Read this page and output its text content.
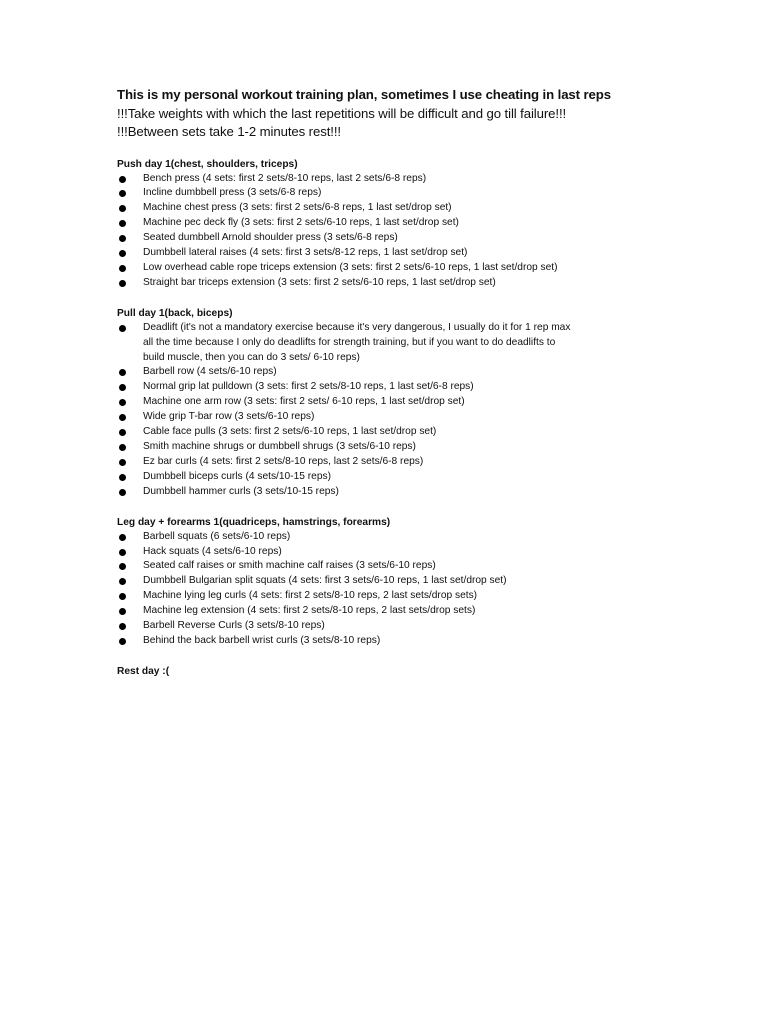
This is my personal workout training plan, sometimes I use cheating in last reps
!!!Take weights with which the last repetitions will be difficult and go till failure!!!
!!!Between sets take 1-2 minutes rest!!!
Push day 1(chest, shoulders, triceps)
Bench press (4 sets: first 2 sets/8-10 reps, last 2 sets/6-8 reps)
Incline dumbbell press (3 sets/6-8 reps)
Machine chest press (3 sets: first 2 sets/6-8 reps, 1 last set/drop set)
Machine pec deck fly (3 sets: first 2 sets/6-10 reps, 1 last set/drop set)
Seated dumbbell Arnold shoulder press (3 sets/6-8 reps)
Dumbbell lateral raises (4 sets: first 3 sets/8-12 reps, 1 last set/drop set)
Low overhead cable rope triceps extension (3 sets: first 2 sets/6-10 reps, 1 last set/drop set)
Straight bar triceps extension (3 sets: first 2 sets/6-10 reps, 1 last set/drop set)
Pull day 1(back, biceps)
Deadlift (it's not a mandatory exercise because it's very dangerous, I usually do it for 1 rep max
all the time because I only do deadlifts for strength training, but if you want to do deadlifts to
build muscle, then you can do 3 sets/ 6-10 reps)
Barbell row (4 sets/6-10 reps)
Normal grip lat pulldown (3 sets: first 2 sets/8-10 reps, 1 last set/6-8 reps)
Machine one arm row (3 sets: first 2 sets/ 6-10 reps, 1 last set/drop set)
Wide grip T-bar row (3 sets/6-10 reps)
Cable face pulls (3 sets: first 2 sets/6-10 reps, 1 last set/drop set)
Smith machine shrugs or dumbbell shrugs (3 sets/6-10 reps)
Ez bar curls (4 sets: first 2 sets/8-10 reps, last 2 sets/6-8 reps)
Dumbbell biceps curls (4 sets/10-15 reps)
Dumbbell hammer curls (3 sets/10-15 reps)
Leg day + forearms 1(quadriceps, hamstrings, forearms)
Barbell squats (6 sets/6-10 reps)
Hack squats (4 sets/6-10 reps)
Seated calf raises or smith machine calf raises (3 sets/6-10 reps)
Dumbbell Bulgarian split squats (4 sets: first 3 sets/6-10 reps, 1 last set/drop set)
Machine lying leg curls (4 sets: first 2 sets/8-10 reps, 2 last sets/drop sets)
Machine leg extension (4 sets: first 2 sets/8-10 reps, 2 last sets/drop sets)
Barbell Reverse Curls (3 sets/8-10 reps)
Behind the back barbell wrist curls (3 sets/8-10 reps)
Rest day :(
